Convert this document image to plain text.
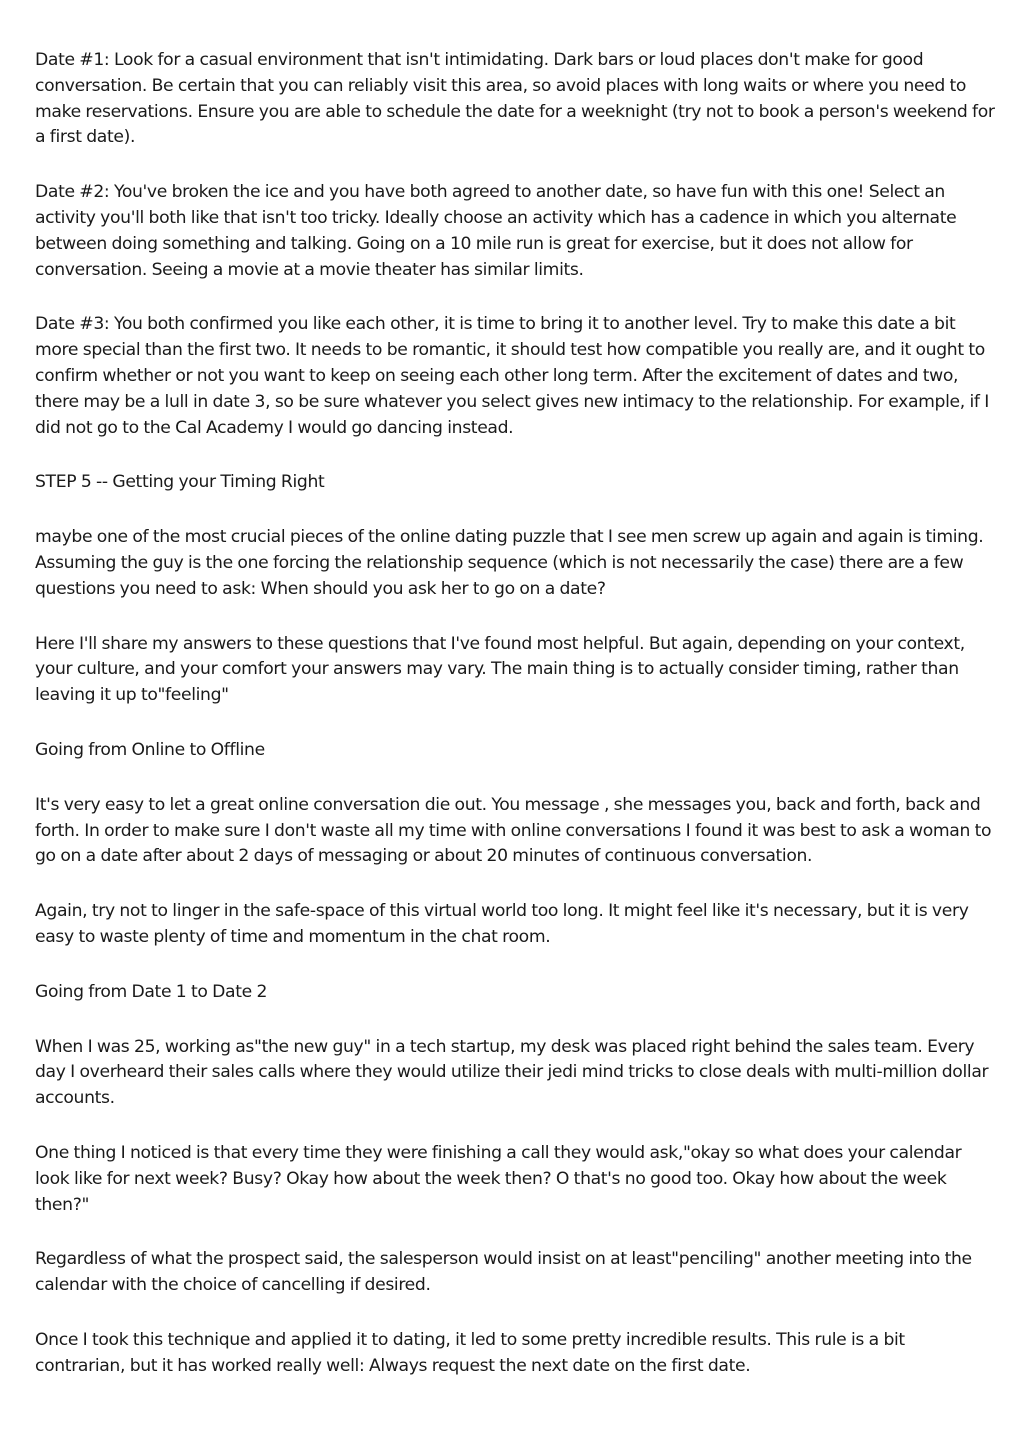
Date #1: Look for a casual environment that isn't intimidating. Dark bars or loud places don't make for good conversation. Be certain that you can reliably visit this area, so avoid places with long waits or where you need to make reservations. Ensure you are able to schedule the date for a weeknight (try not to book a person's weekend for a first date).

Date #2: You've broken the ice and you have both agreed to another date, so have fun with this one! Select an activity you'll both like that isn't too tricky. Ideally choose an activity which has a cadence in which you alternate between doing something and talking. Going on a 10 mile run is great for exercise, but it does not allow for conversation. Seeing a movie at a movie theater has similar limits.

Date #3: You both confirmed you like each other, it is time to bring it to another level. Try to make this date a bit more special than the first two. It needs to be romantic, it should test how compatible you really are, and it ought to confirm whether or not you want to keep on seeing each other long term. After the excitement of dates and two, there may be a lull in date 3, so be sure whatever you select gives new intimacy to the relationship. For example, if I did not go to the Cal Academy I would go dancing instead.

STEP 5 -- Getting your Timing Right

maybe one of the most crucial pieces of the online dating puzzle that I see men screw up again and again is timing. Assuming the guy is the one forcing the relationship sequence (which is not necessarily the case) there are a few questions you need to ask: When should you ask her to go on a date?

Here I'll share my answers to these questions that I've found most helpful. But again, depending on your context, your culture, and your comfort your answers may vary. The main thing is to actually consider timing, rather than leaving it up to"feeling"

Going from Online to Offline

It's very easy to let a great online conversation die out. You message , she messages you, back and forth, back and forth. In order to make sure I don't waste all my time with online conversations I found it was best to ask a woman to go on a date after about 2 days of messaging or about 20 minutes of continuous conversation.

Again, try not to linger in the safe-space of this virtual world too long. It might feel like it's necessary, but it is very easy to waste plenty of time and momentum in the chat room.

Going from Date 1 to Date 2

When I was 25, working as"the new guy" in a tech startup, my desk was placed right behind the sales team. Every day I overheard their sales calls where they would utilize their jedi mind tricks to close deals with multi-million dollar accounts.

One thing I noticed is that every time they were finishing a call they would ask,"okay so what does your calendar look like for next week? Busy? Okay how about the week then? O that's no good too. Okay how about the week then?"

Regardless of what the prospect said, the salesperson would insist on at least"penciling" another meeting into the calendar with the choice of cancelling if desired.

Once I took this technique and applied it to dating, it led to some pretty incredible results. This rule is a bit contrarian, but it has worked really well: Always request the next date on the first date.
